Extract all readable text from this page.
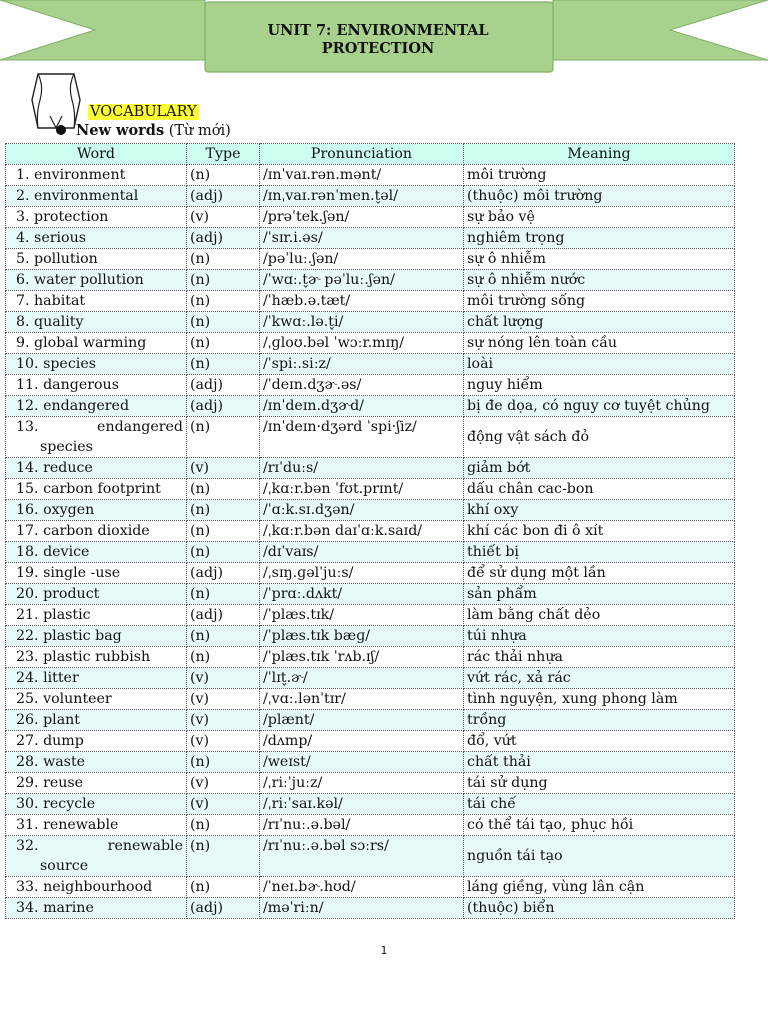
UNIT 7: ENVIRONMENTAL
PROTECTION
VOCABULARY
New words (Từ mới)
Word	Type	Pronunciation	Meaning
1. environment	(n)	/ɪnˈvaɪ.rən.mənt/	môi trường
2. environmental	(adj)	/ɪnˌvaɪ.rənˈmen.t̬əl/	(thuộc) môi trường
3. protection	(v)	/prəˈtek.ʃən/	sự bảo vệ
4. serious	(adj)	/ˈsɪr.i.əs/	nghiêm trọng
5. pollution	(n)	/pəˈluː.ʃən/	sự ô nhiễm
6. water pollution	(n)	/ˈwɑː.t̬ɚ pəˈluː.ʃən/	sự ô nhiễm nước
7. habitat	(n)	/ˈhæb.ə.tæt/	môi trường sống
8. quality	(n)	/ˈkwɑː.lə.t̬i/	chất lượng
9. global warming	(n)	/ˌɡloʊ.bəl ˈwɔːr.mɪŋ/	sự nóng lên toàn cầu
10. species	(n)	/ˈspiː.siːz/	loài
11. dangerous	(adj)	/ˈdeɪn.dʒɚ.əs/	nguy hiểm
12. endangered	(adj)	/ɪnˈdeɪn.dʒɚd/	bị đe dọa, có nguy cơ tuyệt chủng

13. endangered
species	(n)	/ɪnˈdeɪn·dʒərd ˈspi·ʃiz/	động vật sách đỏ
14. reduce	(v)	/rɪˈduːs/	giảm bớt
15. carbon footprint	(n)	/ˌkɑːr.bən ˈfʊt.prɪnt/	dấu chân cac-bon
16. oxygen	(n)	/ˈɑːk.sɪ.dʒən/	khí oxy
17. carbon dioxide	(n)	/ˌkɑːr.bən daɪˈɑːk.saɪd/	khí các bon đi ô xít
18. device	(n)	/dɪˈvaɪs/	thiết bị
19. single -use	(adj)	/ˌsɪŋ.ɡəlˈjuːs/	để sử dụng một lần
20. product	(n)	/ˈprɑː.dʌkt/	sản phẩm
21. plastic	(adj)	/ˈplæs.tɪk/	làm bằng chất dẻo
22. plastic bag	(n)	/ˈplæs.tɪk bæɡ/	túi nhựa
23. plastic rubbish	(n)	/ˈplæs.tɪk ˈrʌb.ɪʃ/	rác thải nhựa
24. litter	(v)	/ˈlɪt̬.ɚ/	vứt rác, xả rác
25. volunteer	(v)	/ˌvɑː.lənˈtɪr/	tình nguyện, xung phong làm
26. plant	(v)	/plænt/	trồng
27. dump	(v)	/dʌmp/	đổ, vứt
28. waste	(n)	/weɪst/	chất thải
29. reuse	(v)	/ˌriːˈjuːz/	tái sử dụng
30. recycle	(v)	/ˌriːˈsaɪ.kəl/	tái chế
31. renewable	(n)	/rɪˈnuː.ə.bəl/	có thể tái tạo, phục hồi

32. renewable
source	(n)	/rɪˈnuː.ə.bəl sɔːrs/	nguồn tái tạo
33. neighbourhood	(n)	/ˈneɪ.bɚ.hʊd/	láng giềng, vùng lân cận
34. marine	(adj)	/məˈriːn/	(thuộc) biển
1
